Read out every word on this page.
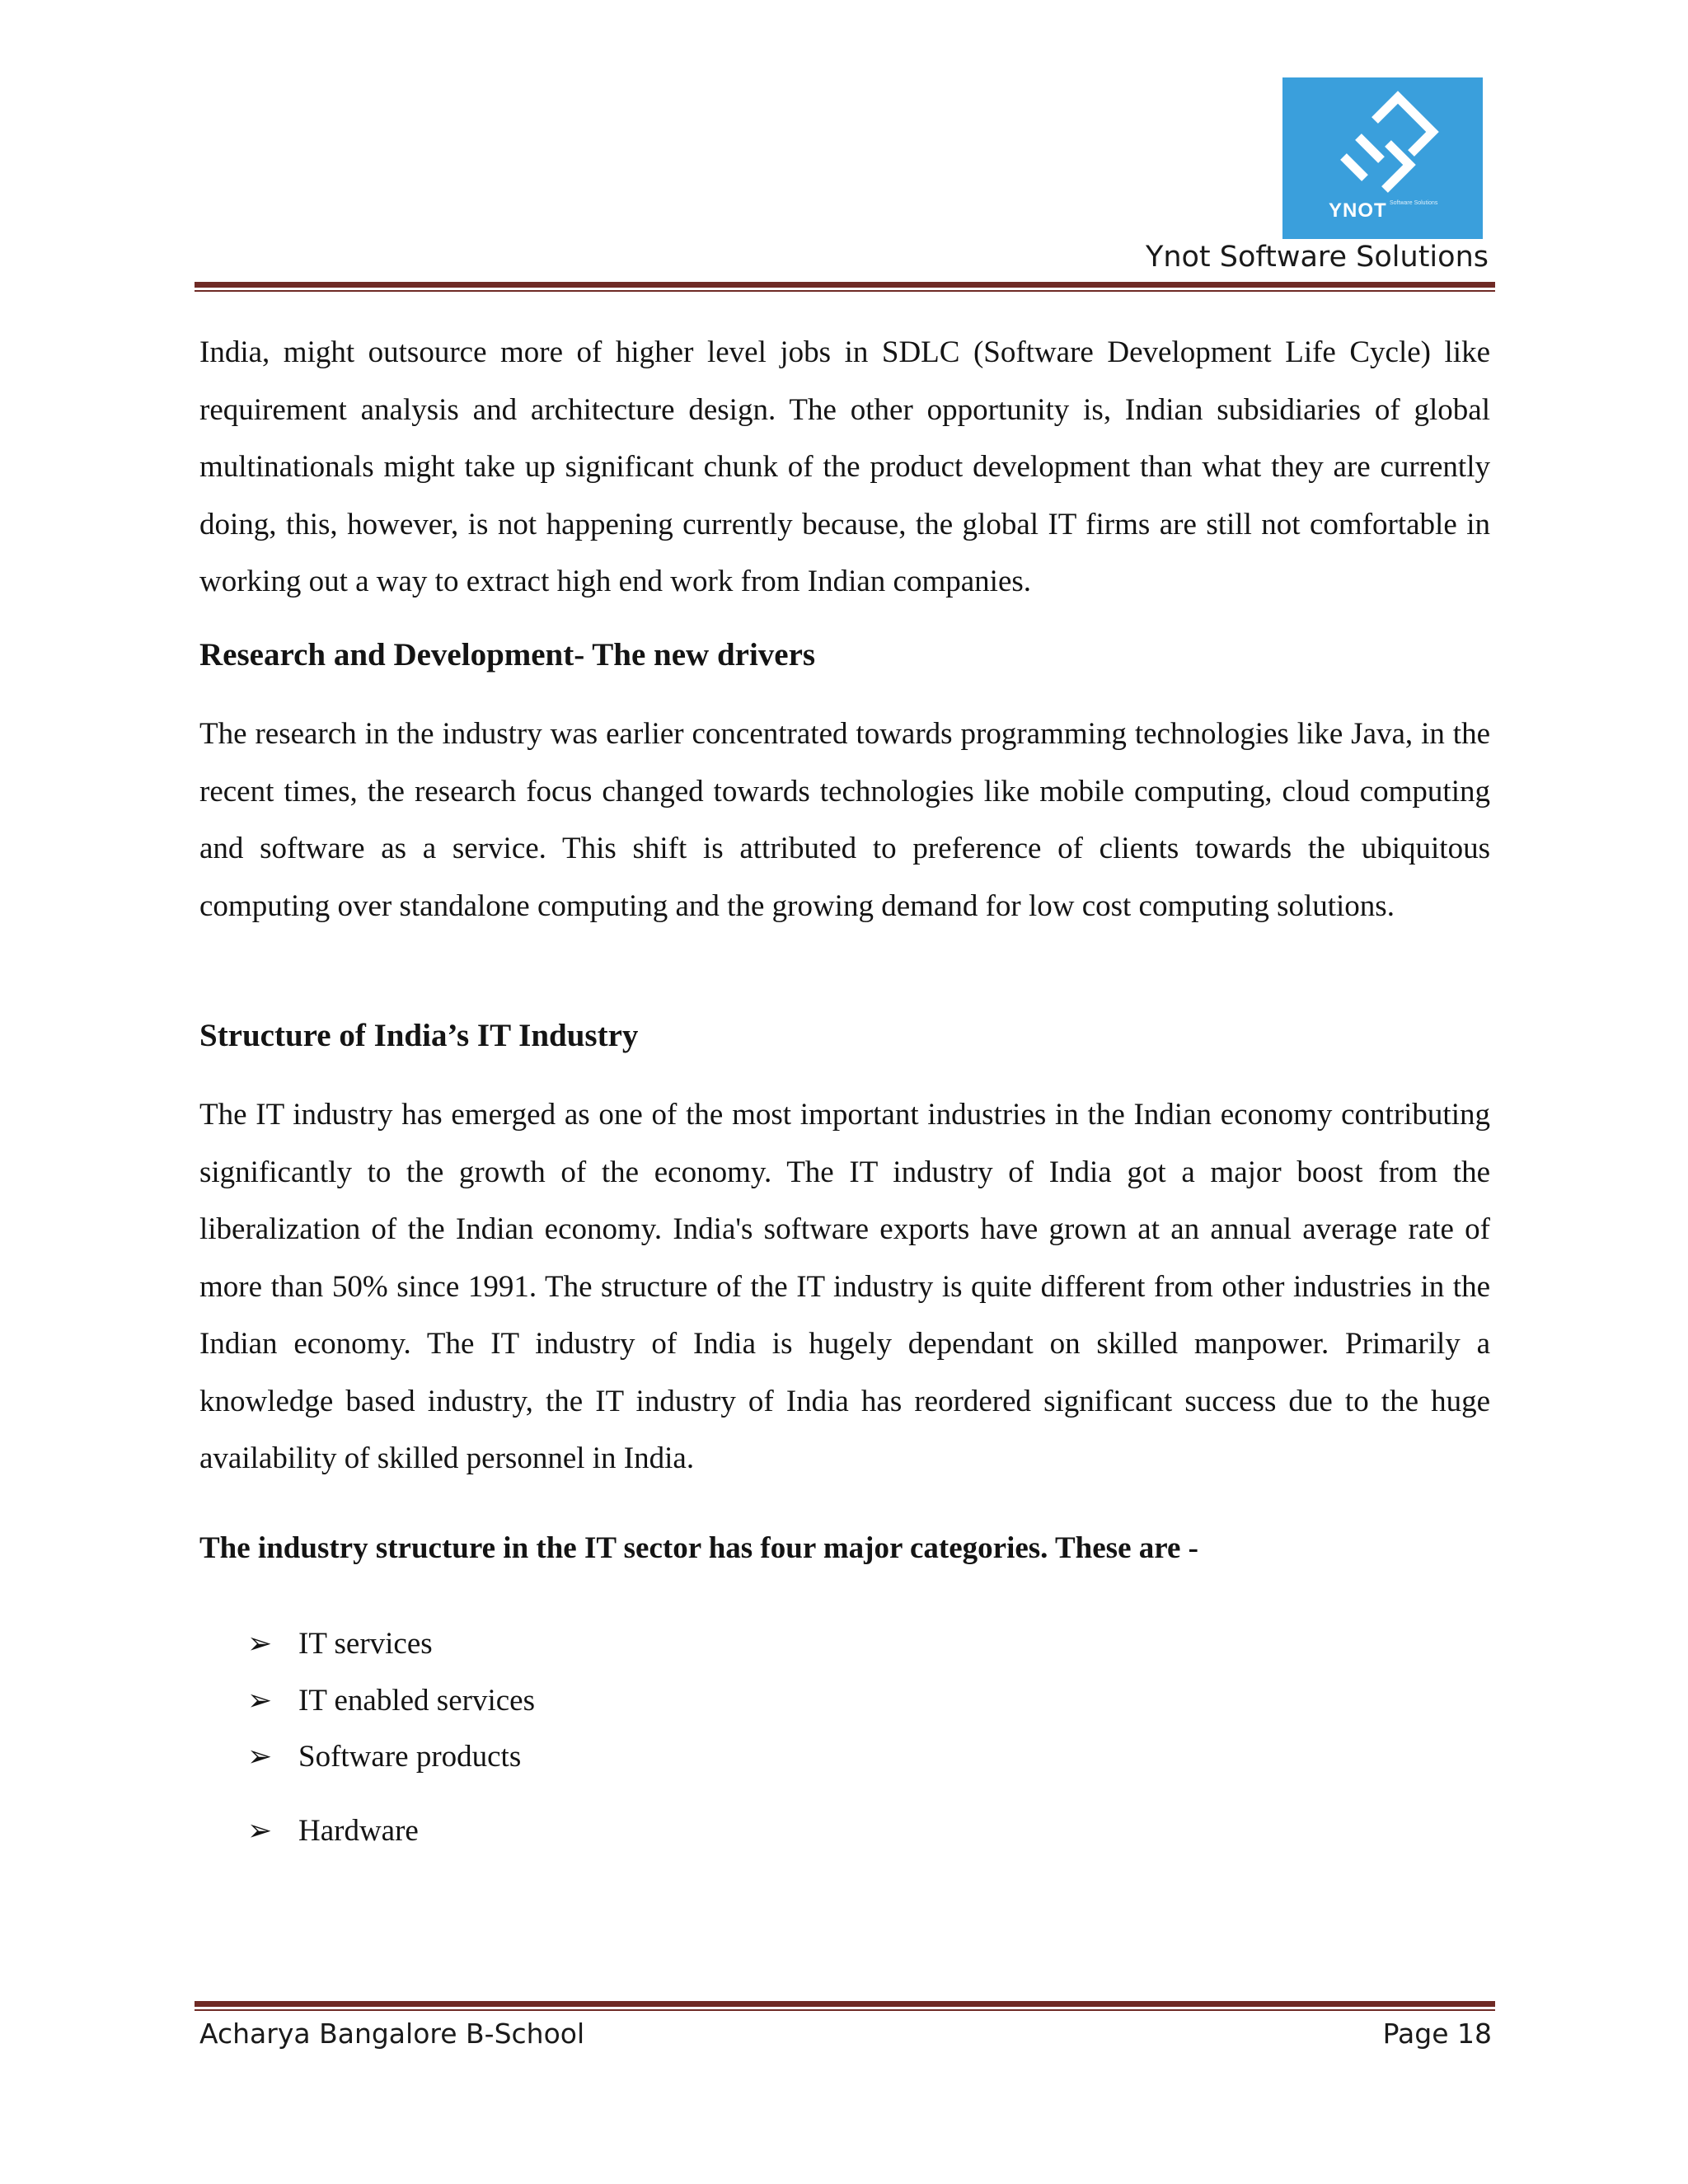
YNOT Software Solutions
Ynot Software Solutions
India, might outsource more of higher level jobs in SDLC (Software Development Life Cycle) like requirement analysis and architecture design. The other opportunity is, Indian subsidiaries of global multinationals might take up significant chunk of the product development than what they are currently doing, this, however, is not happening currently because, the global IT firms are still not comfortable in working out a way to extract high end work from Indian companies.
Research and Development- The new drivers
The research in the industry was earlier concentrated towards programming technologies like Java, in the recent times, the research focus changed towards technologies like mobile computing, cloud computing and software as a service. This shift is attributed to preference of clients towards the ubiquitous computing over standalone computing and the growing demand for low cost computing solutions.
Structure of India’s IT Industry
The IT industry has emerged as one of the most important industries in the Indian economy contributing significantly to the growth of the economy. The IT industry of India got a major boost from the liberalization of the Indian economy. India's software exports have grown at an annual average rate of more than 50% since 1991. The structure of the IT industry is quite different from other industries in the Indian economy. The IT industry of India is hugely dependant on skilled manpower. Primarily a knowledge based industry, the IT industry of India has reordered significant success due to the huge availability of skilled personnel in India.
The industry structure in the IT sector has four major categories. These are -
➢ IT services
➢ IT enabled services
➢ Software products
➢ Hardware
Acharya Bangalore B-School	Page 18
